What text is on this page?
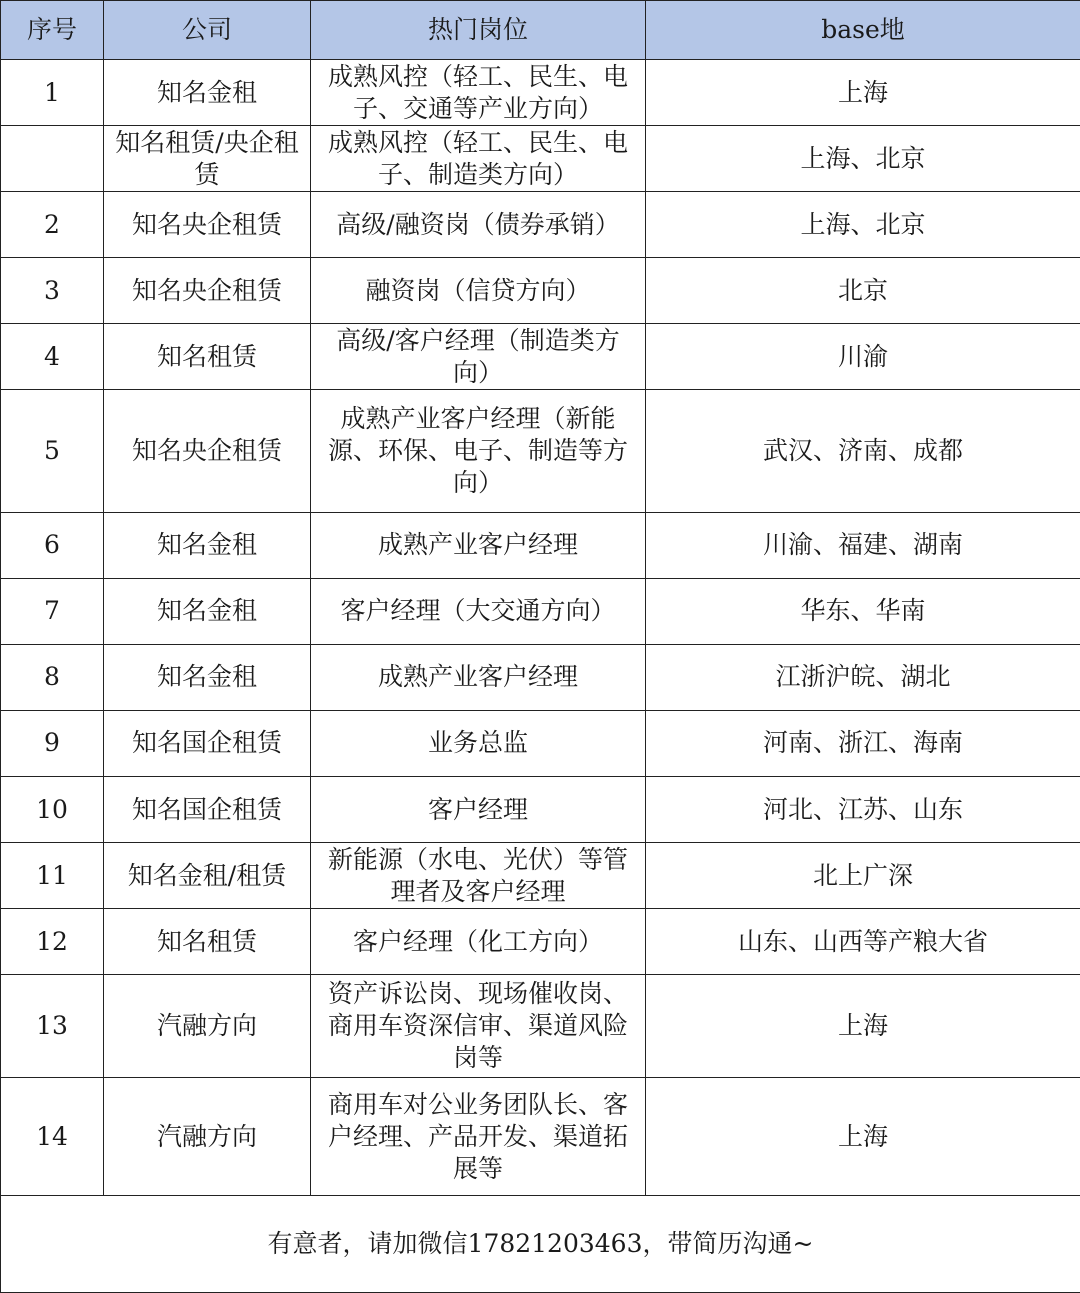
序号	公司	热门岗位	base地
1	知名金租	成熟风控（轻工、民生、电子、交通等产业方向）	上海
	知名租赁/央企租赁	成熟风控（轻工、民生、电子、制造类方向）	上海、北京
2	知名央企租赁	高级/融资岗（债券承销）	上海、北京
3	知名央企租赁	融资岗（信贷方向）	北京
4	知名租赁	高级/客户经理（制造类方向）	川渝
5	知名央企租赁	成熟产业客户经理（新能源、环保、电子、制造等方向）	武汉、济南、成都
6	知名金租	成熟产业客户经理	川渝、福建、湖南
7	知名金租	客户经理（大交通方向）	华东、华南
8	知名金租	成熟产业客户经理	江浙沪皖、湖北
9	知名国企租赁	业务总监	河南、浙江、海南
10	知名国企租赁	客户经理	河北、江苏、山东
11	知名金租/租赁	新能源（水电、光伏）等管理者及客户经理	北上广深
12	知名租赁	客户经理（化工方向）	山东、山西等产粮大省
13	汽融方向	资产诉讼岗、现场催收岗、商用车资深信审、渠道风险岗等	上海
14	汽融方向	商用车对公业务团队长、客户经理、产品开发、渠道拓展等	上海
有意者，请加微信17821203463，带简历沟通~			
